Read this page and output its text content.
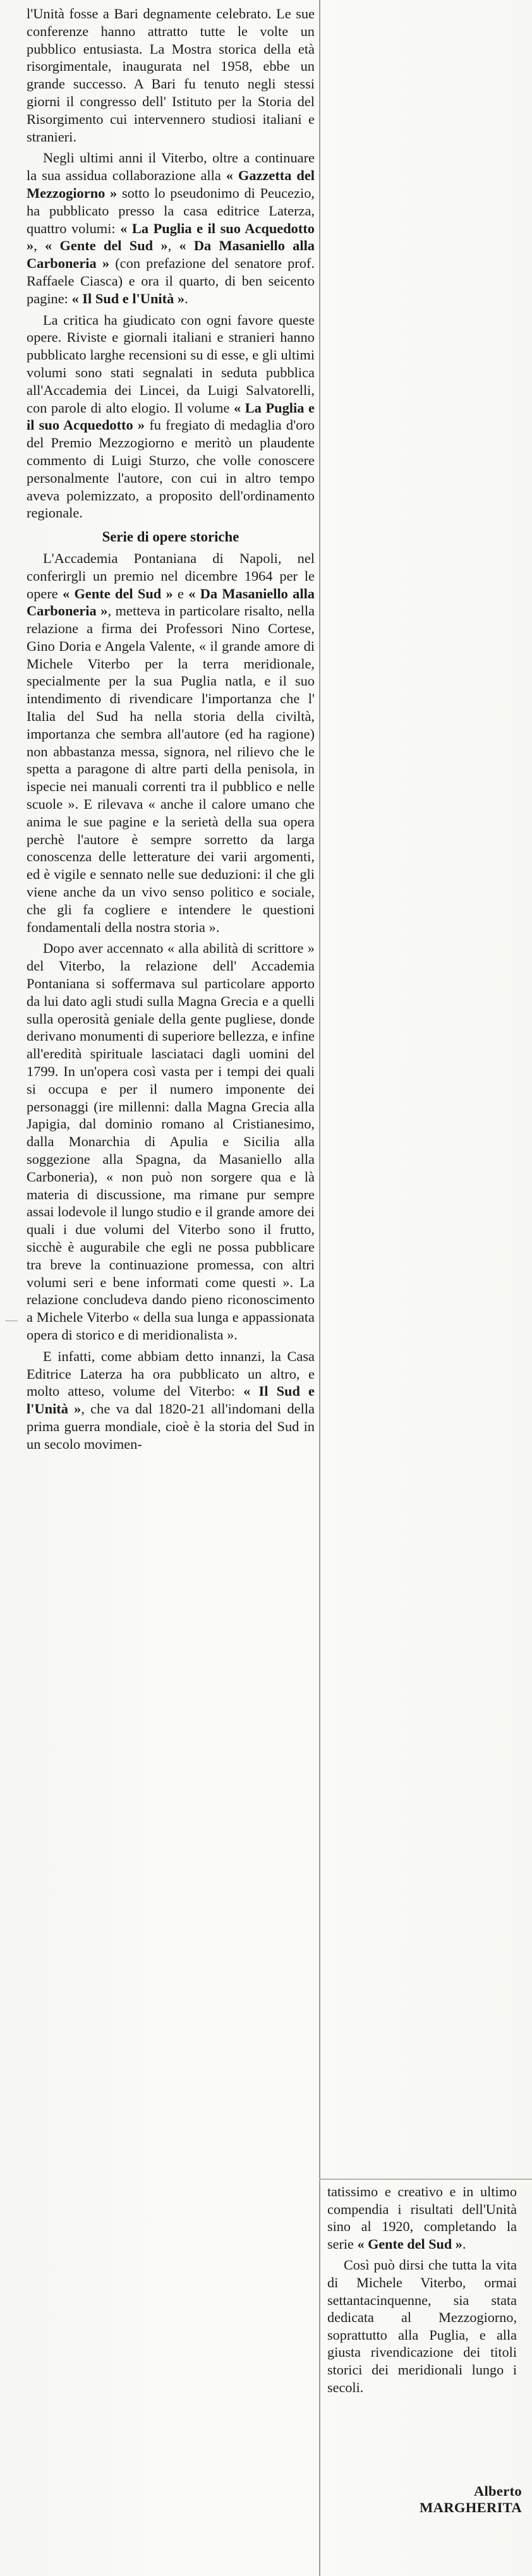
l'Unità fosse a Bari degnamente celebrato. Le sue conferenze hanno attratto tutte le volte un pubblico entusiasta. La Mostra storica della età risorgimentale, inaugurata nel 1958, ebbe un grande successo. A Bari fu tenuto negli stessi giorni il congresso dell' Istituto per la Storia del Risorgimento cui intervennero studiosi italiani e stranieri.

Negli ultimi anni il Viterbo, oltre a continuare la sua assidua collaborazione alla « Gazzetta del Mezzogiorno » sotto lo pseudonimo di Peucezio, ha pubblicato presso la casa editrice Laterza, quattro volumi: « La Puglia e il suo Acquedotto », « Gente del Sud », « Da Masaniello alla Carboneria » (con prefazione del senatore prof. Raffaele Ciasca) e ora il quarto, di ben seicento pagine: « Il Sud e l'Unità ».

La critica ha giudicato con ogni favore queste opere. Riviste e giornali italiani e stranieri hanno pubblicato larghe recensioni su di esse, e gli ultimi volumi sono stati segnalati in seduta pubblica all'Accademia dei Lincei, da Luigi Salvatorelli, con parole di alto elogio. Il volume « La Puglia e il suo Acquedotto » fu fregiato di medaglia d'oro del Premio Mezzogiorno e meritò un plaudente commento di Luigi Sturzo, che volle conoscere personalmente l'autore, con cui in altro tempo aveva polemizzato, a proposito dell'ordinamento regionale.

Serie di opere storiche

L'Accademia Pontaniana di Napoli, nel conferirgli un premio nel dicembre 1964 per le opere « Gente del Sud » e « Da Masaniello alla Carboneria », metteva in particolare risalto, nella relazione a firma dei Professori Nino Cortese, Gino Doria e Angela Valente, « il grande amore di Michele Viterbo per la terra meridionale, specialmente per la sua Puglia natla, e il suo intendimento di rivendicare l'importanza che l' Italia del Sud ha nella storia della civiltà, importanza che sembra all'autore (ed ha ragione) non abbastanza messa, signora, nel rilievo che le spetta a paragone di altre parti della penisola, in ispecie nei manuali correnti tra il pubblico e nelle scuole ». E rilevava « anche il calore umano che anima le sue pagine e la serietà della sua opera perchè l'autore è sempre sorretto da larga conoscenza delle letterature dei varii argomenti, ed è vigile e sennato nelle sue deduzioni: il che gli viene anche da un vivo senso politico e sociale, che gli fa cogliere e intendere le questioni fondamentali della nostra storia ».

Dopo aver accennato « alla abilità di scrittore » del Viterbo, la relazione dell' Accademia Pontaniana si soffermava sul particolare apporto da lui dato agli studi sulla Magna Grecia e a quelli sulla operosità geniale della gente pugliese, donde derivano monumenti di superiore bellezza, e infine all'eredità spirituale lasciataci dagli uomini del 1799. In un'opera così vasta per i tempi dei quali si occupa e per il numero imponente dei personaggi (ire millenni: dalla Magna Grecia alla Japigia, dal dominio romano al Cristianesimo, dalla Monarchia di Apulia e Sicilia alla soggezione alla Spagna, da Masaniello alla Carboneria), « non può non sorgere qua e là materia di discussione, ma rimane pur sempre assai lodevole il lungo studio e il grande amore dei quali i due volumi del Viterbo sono il frutto, sicchè è augurabile che egli ne possa pubblicare tra breve la continuazione promessa, con altri volumi seri e bene informati come questi ». La relazione concludeva dando pieno riconoscimento a Michele Viterbo « della sua lunga e appassionata opera di storico e di meridionalista ».

E infatti, come abbiam detto innanzi, la Casa Editrice Laterza ha ora pubblicato un altro, e molto atteso, volume del Viterbo: « Il Sud e l'Unità », che va dal 1820-21 all'indomani della prima guerra mondiale, cioè è la storia del Sud in un secolo movimen-

tatissimo e creativo e in ultimo compendia i risultati dell'Unità sino al 1920, completando la serie « Gente del Sud ».

Così può dirsi che tutta la vita di Michele Viterbo, ormai settantacinquenne, sia stata dedicata al Mezzogiorno, soprattutto alla Puglia, e alla giusta rivendicazione dei titoli storici dei meridionali lungo i secoli.

Alberto MARGHERITA
